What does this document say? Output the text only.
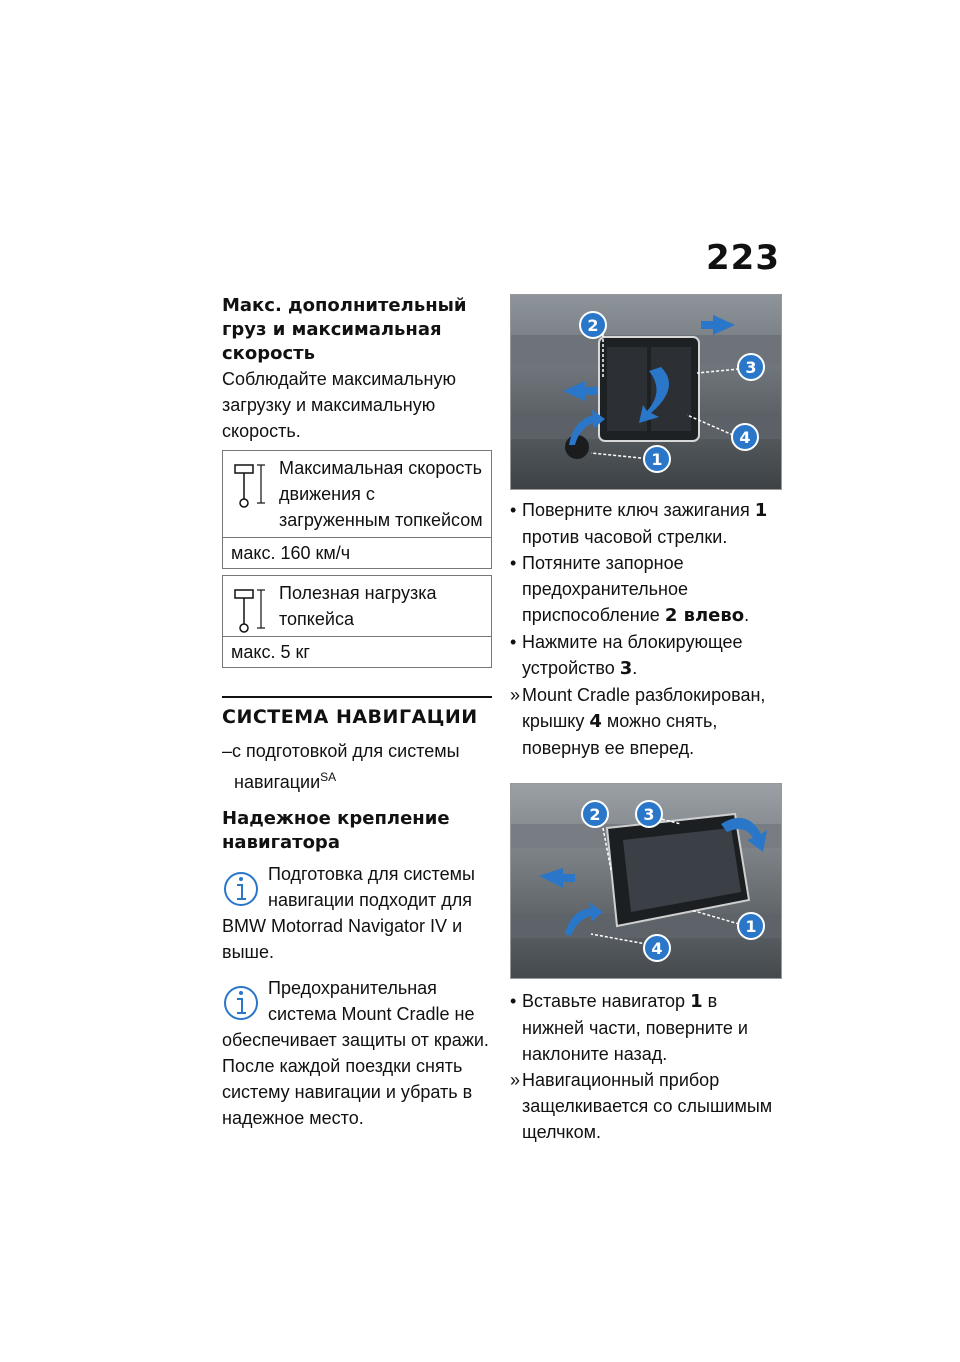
223
Макс. дополнительный груз и максимальная скорость

Соблюдайте максимальную загрузку и максимальную скорость.

Максимальная скорость движения с загруженным топкейсом
макс. 160 км/ч
Полезная нагрузка топкейса
макс. 5 кг
СИСТЕМА НАВИГАЦИИ
–с подготовкой для системы навигации$^{SA}$
Надежное крепление навигатора
Подготовка для системы навигации подходит для BMW Motorrad Navigator IV и выше.
Предохранительная система Mount Cradle не обеспечивает защиты от кражи. После каждой поездки снять систему навигации и убрать в надежное место.
2
3
4
1

• Поверните ключ зажигания 1 против часовой стрелки.

• Потяните запорное предохранительное приспособление 2 влево.

• Нажмите на блокирующее устройство 3.

» Mount Cradle разблокирован, крышку 4 можно снять, повернув ее вперед.

2	3
1
4

• Вставьте навигатор 1 в нижней части, поверните и наклоните назад.

» Навигационный прибор защелкивается со слышимым щелчком.
